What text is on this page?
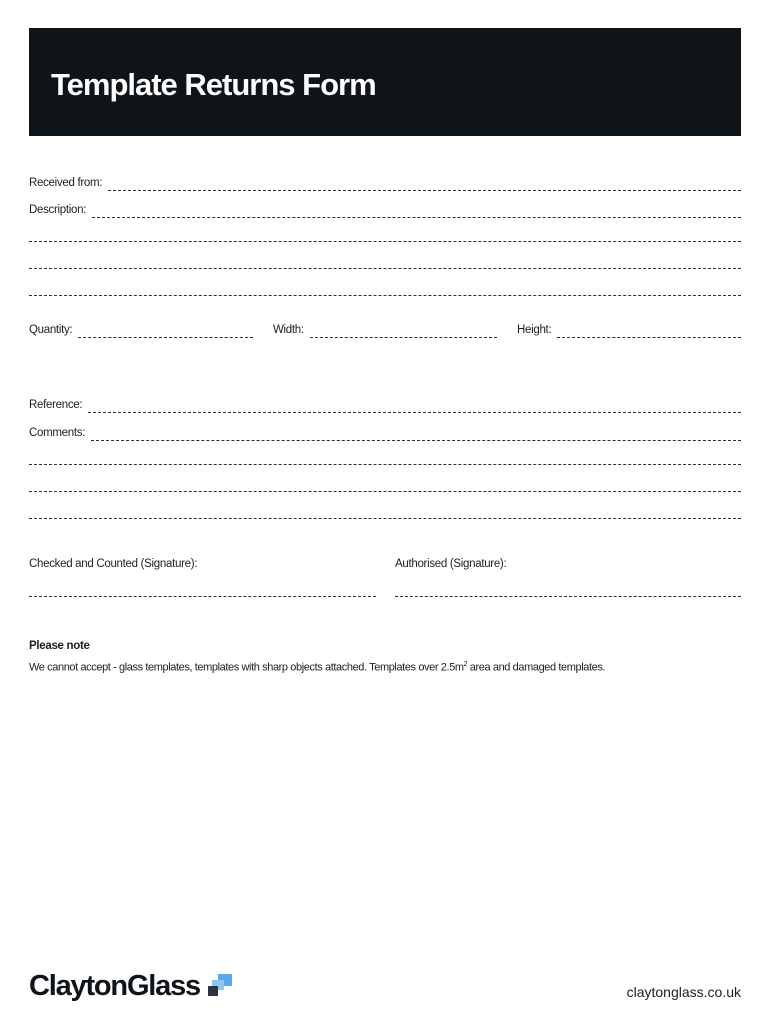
Template Returns Form
Received from:
Description:
Quantity:	Width:	Height:
Reference:
Comments:
Checked and Counted (Signature):	Authorised (Signature):
Please note
We cannot accept - glass templates, templates with sharp objects attached. Templates over $2.5m^2$ area and damaged templates.
ClaytonGlass	claytonglass.co.uk
